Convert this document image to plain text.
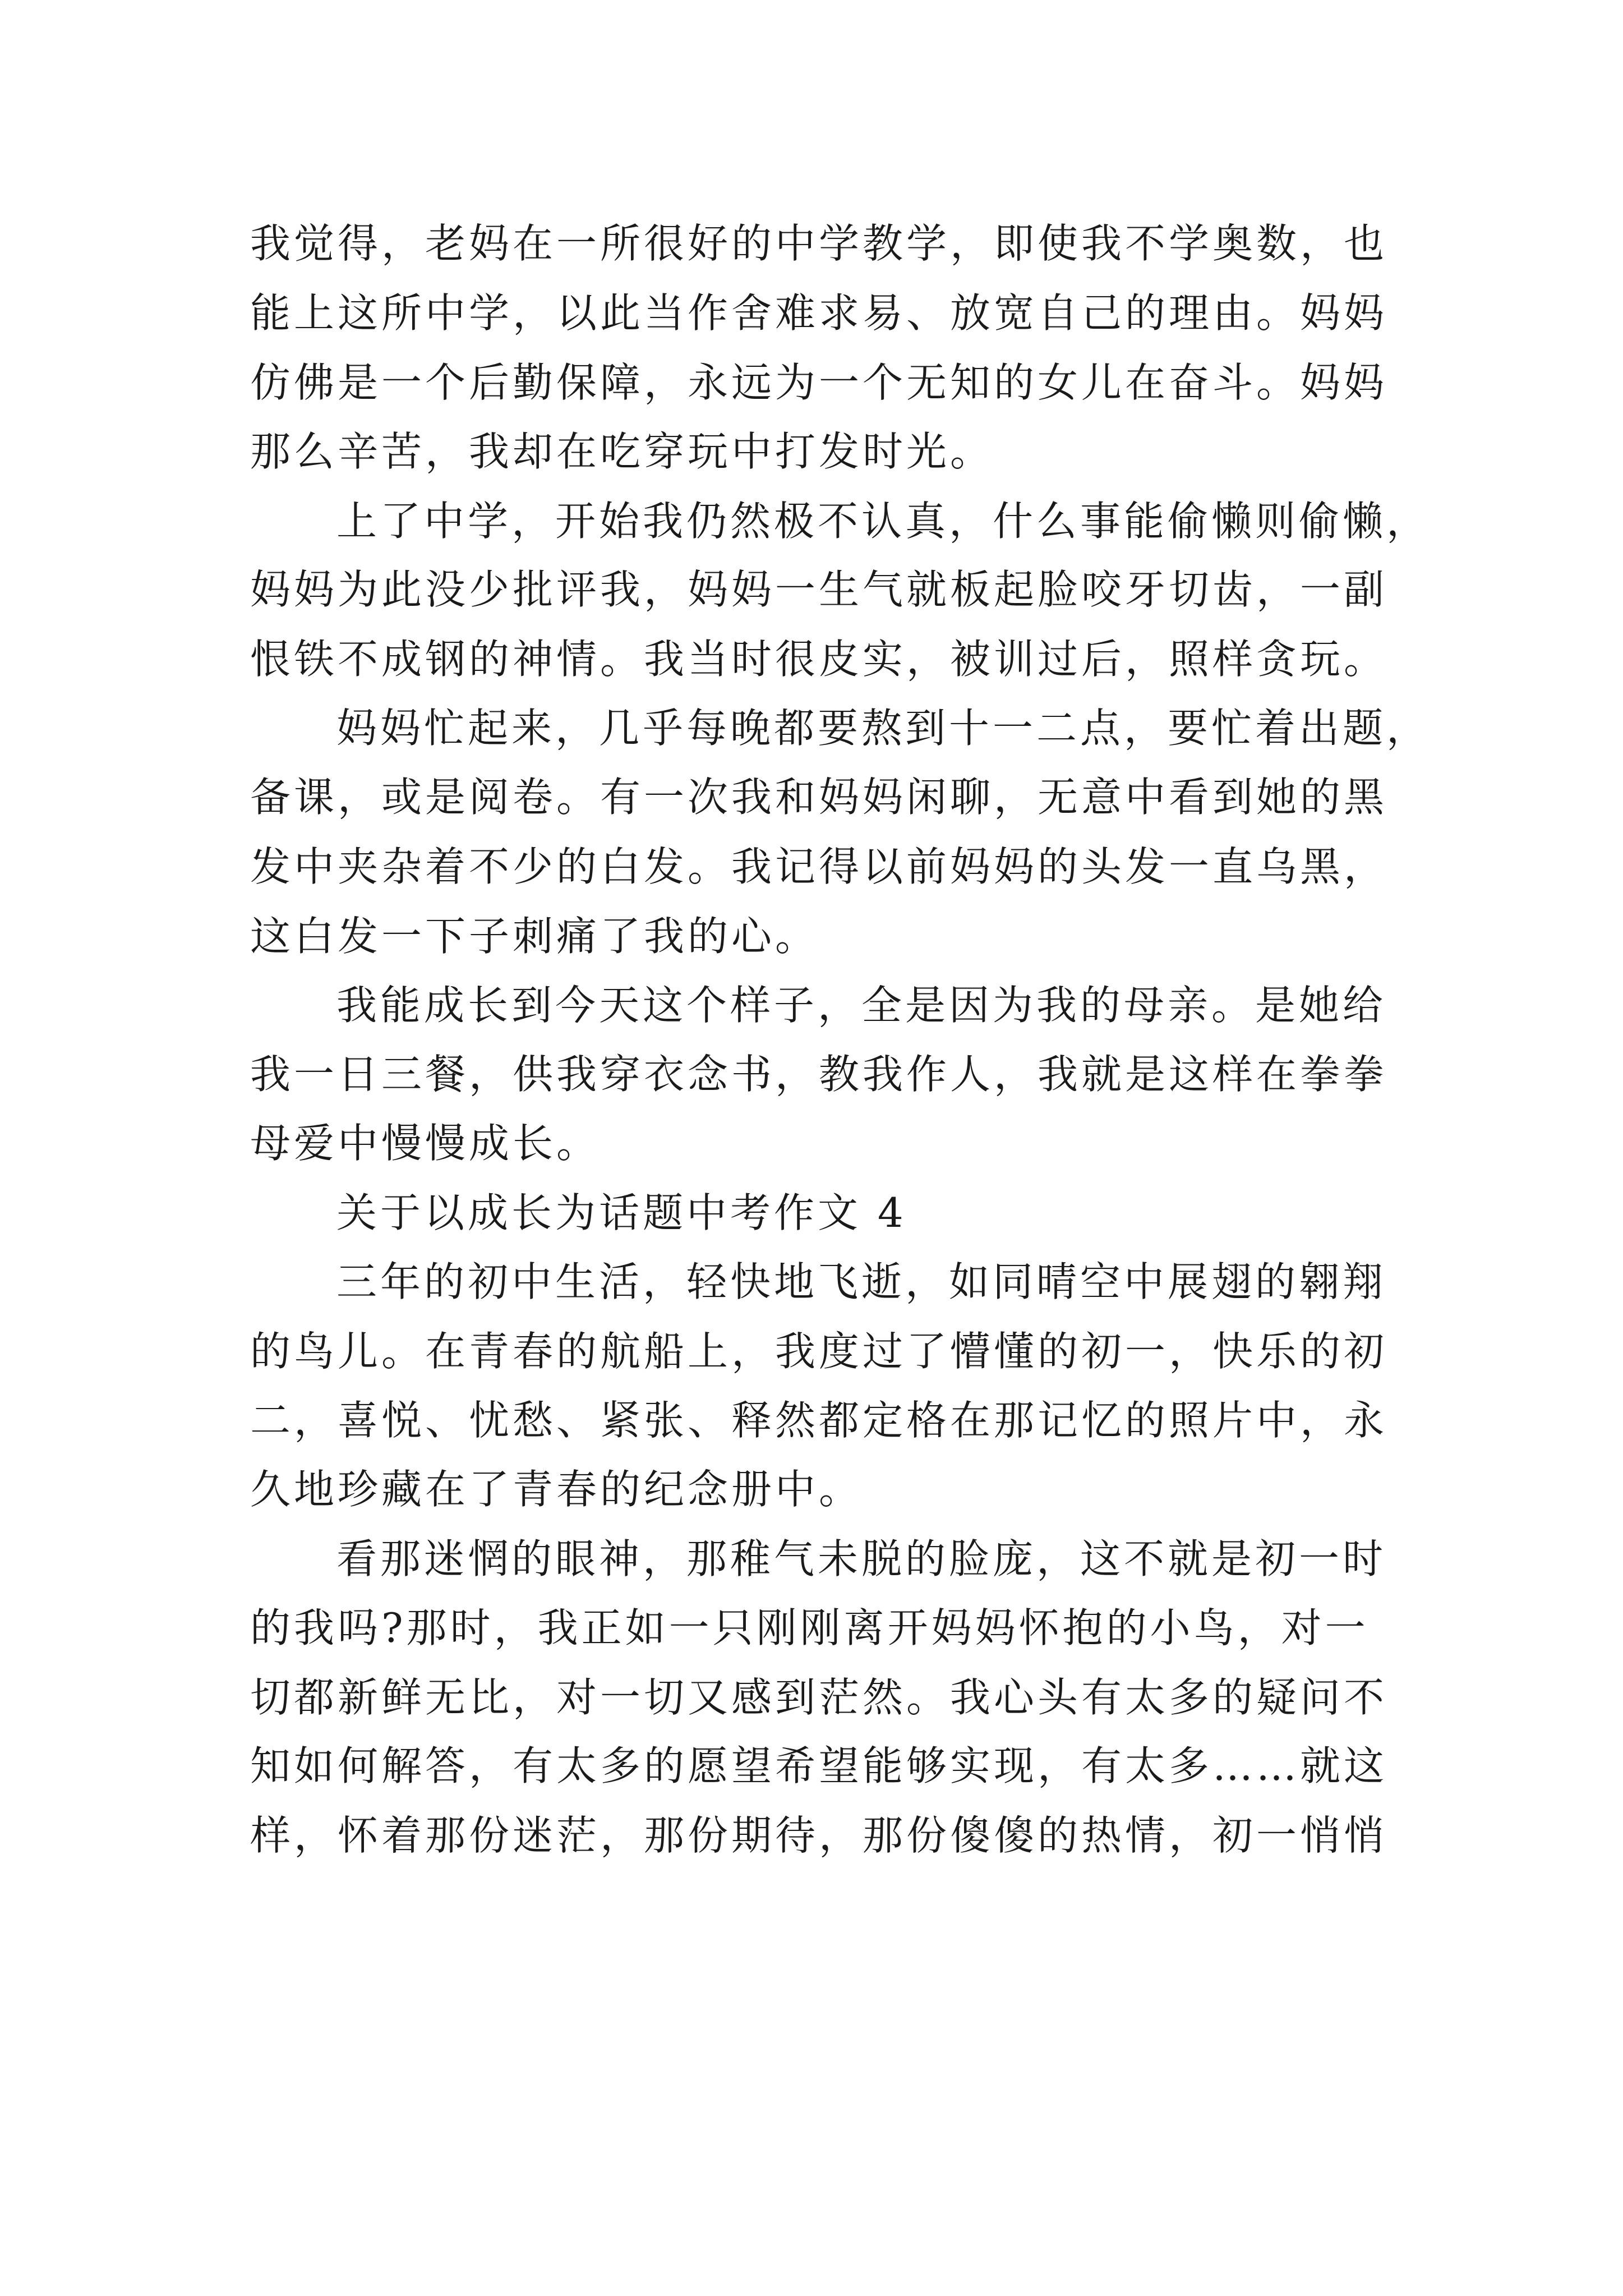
我觉得，老妈在一所很好的中学教学，即使我不学奥数，也

能上这所中学，以此当作舍难求易、放宽自己的理由。妈妈

仿佛是一个后勤保障，永远为一个无知的女儿在奋斗。妈妈

那么辛苦，我却在吃穿玩中打发时光。

上了中学，开始我仍然极不认真，什么事能偷懒则偷懒，

妈妈为此没少批评我，妈妈一生气就板起脸咬牙切齿，一副

恨铁不成钢的神情。我当时很皮实，被训过后，照样贪玩。

妈妈忙起来，几乎每晚都要熬到十一二点，要忙着出题，

备课，或是阅卷。有一次我和妈妈闲聊，无意中看到她的黑

发中夹杂着不少的白发。我记得以前妈妈的头发一直乌黑，

这白发一下子刺痛了我的心。

我能成长到今天这个样子，全是因为我的母亲。是她给

我一日三餐，供我穿衣念书，教我作人，我就是这样在拳拳

母爱中慢慢成长。

关于以成长为话题中考作文 4

三年的初中生活，轻快地飞逝，如同晴空中展翅的翱翔

的鸟儿。在青春的航船上，我度过了懵懂的初一，快乐的初

二，喜悦、忧愁、紧张、释然都定格在那记忆的照片中，永

久地珍藏在了青春的纪念册中。

看那迷惘的眼神，那稚气未脱的脸庞，这不就是初一时

的我吗?那时，我正如一只刚刚离开妈妈怀抱的小鸟，对一

切都新鲜无比，对一切又感到茫然。我心头有太多的疑问不

知如何解答，有太多的愿望希望能够实现，有太多……就这

样，怀着那份迷茫，那份期待，那份傻傻的热情，初一悄悄
